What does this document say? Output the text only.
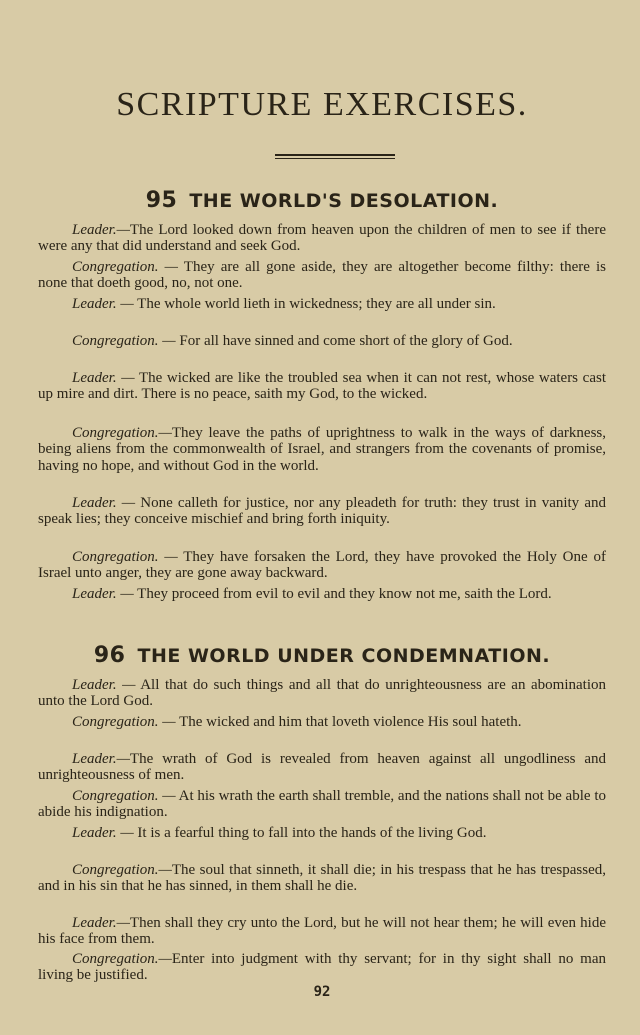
SCRIPTURE EXERCISES.
95 THE WORLD'S DESOLATION.

Leader.—The Lord looked down from heaven upon the children of men to see if there were any that did understand and seek God.

Congregation. — They are all gone aside, they are altogether become filthy: there is none that doeth good, no, not one.

Leader. — The whole world lieth in wickedness; they are all under sin.

Congregation. — For all have sinned and come short of the glory of God.

Leader. — The wicked are like the troubled sea when it can not rest, whose waters cast up mire and dirt. There is no peace, saith my God, to the wicked.

Congregation.—They leave the paths of uprightness to walk in the ways of darkness, being aliens from the commonwealth of Israel, and strangers from the covenants of promise, having no hope, and without God in the world.

Leader. — None calleth for justice, nor any pleadeth for truth: they trust in vanity and speak lies; they conceive mischief and bring forth iniquity.

Congregation. — They have forsaken the Lord, they have provoked the Holy One of Israel unto anger, they are gone away backward.

Leader. — They proceed from evil to evil and they know not me, saith the Lord.

96 THE WORLD UNDER CONDEMNATION.

Leader. — All that do such things and all that do unrighteousness are an abomination unto the Lord God.

Congregation. — The wicked and him that loveth violence His soul hateth.

Leader.—The wrath of God is revealed from heaven against all ungodliness and unrighteousness of men.

Congregation. — At his wrath the earth shall tremble, and the nations shall not be able to abide his indignation.

Leader. — It is a fearful thing to fall into the hands of the living God.

Congregation.—The soul that sinneth, it shall die; in his trespass that he has trespassed, and in his sin that he has sinned, in them shall he die.

Leader.—Then shall they cry unto the Lord, but he will not hear them; he will even hide his face from them.

Congregation.—Enter into judgment with thy servant; for in thy sight shall no man living be justified.

92
